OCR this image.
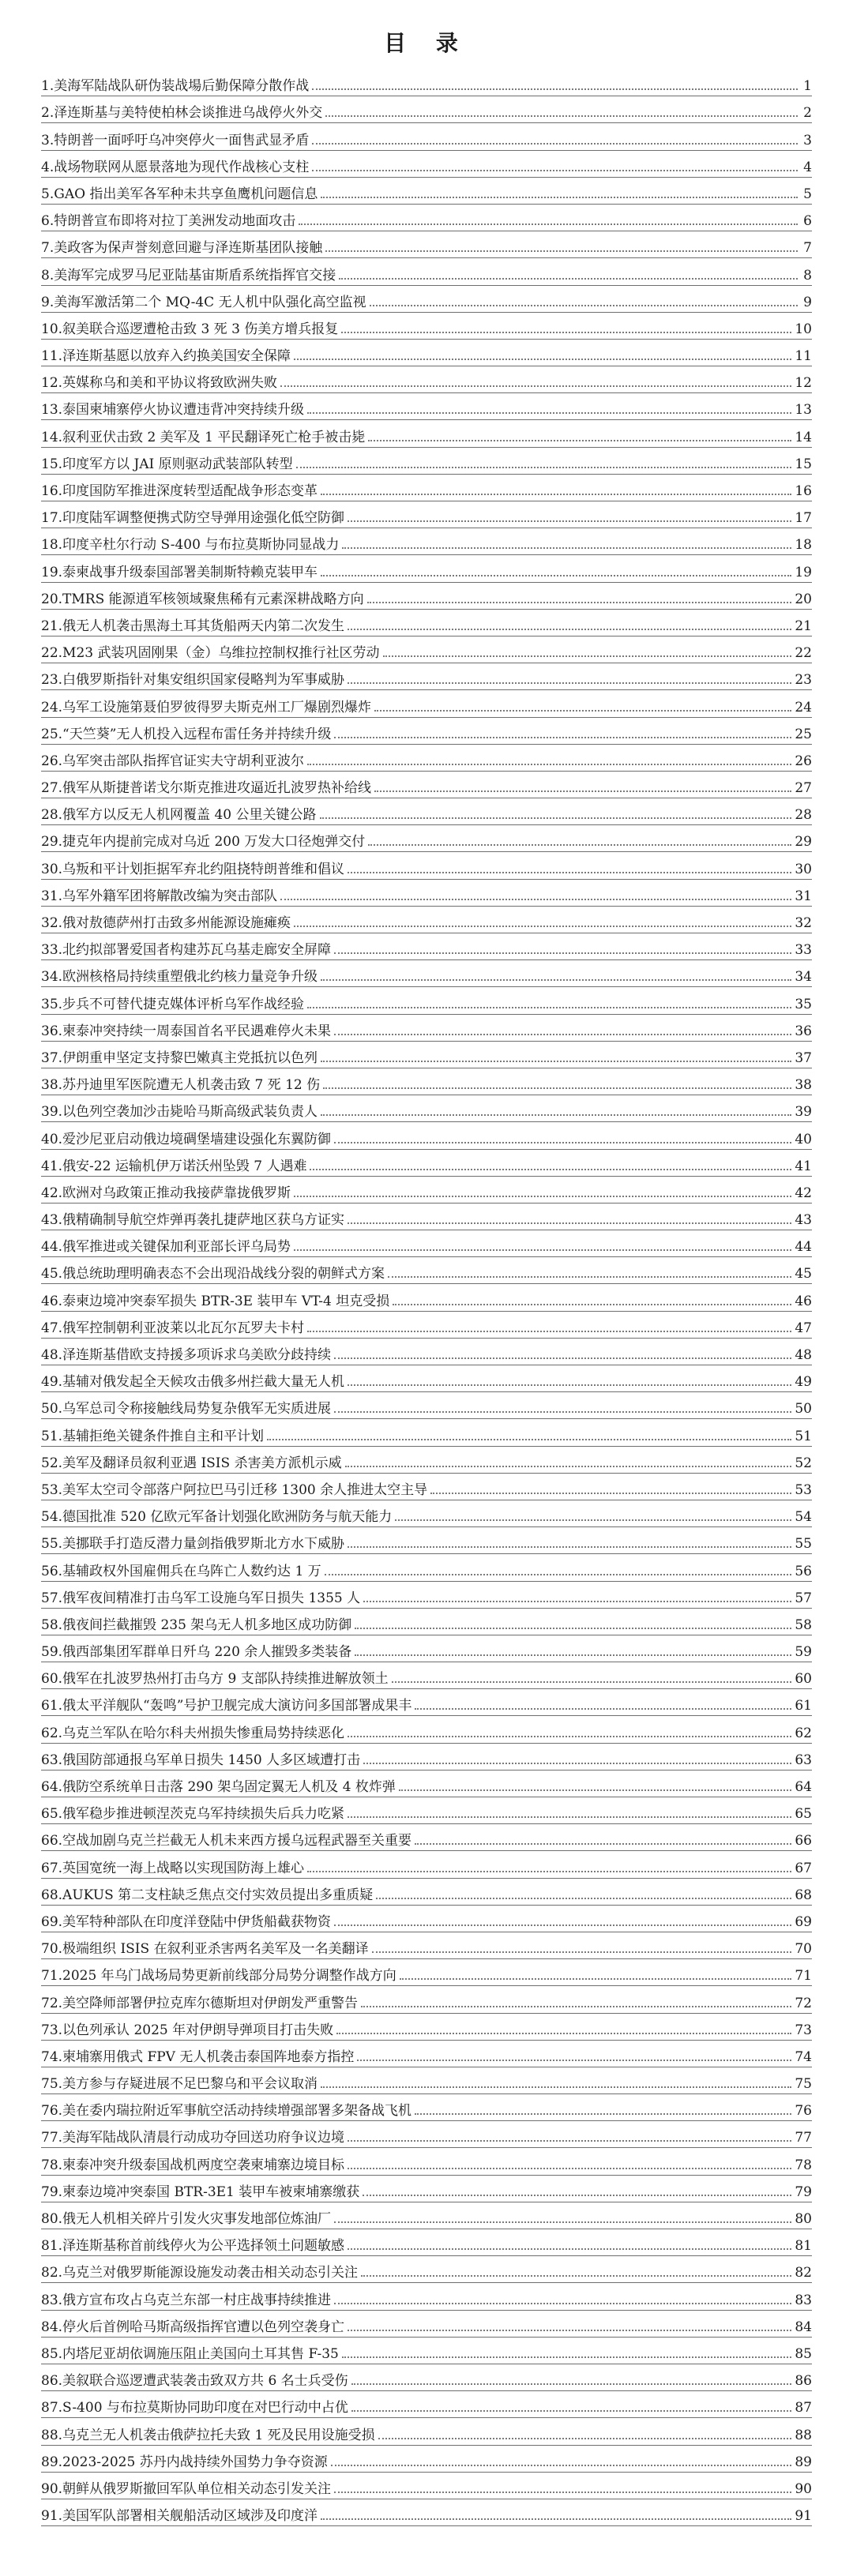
目 录
1. 美海军陆战队研伪装战場后勤保障分散作战	1
2. 泽连斯基与美特使柏林会谈推进乌战停火外交	2
3. 特朗普一面呼吁乌冲突停火一面售武显矛盾	3
4. 战场物联网从愿景落地为现代作战核心支柱	4
5. GAO 指出美军各军种未共享鱼鹰机问题信息	5
6. 特朗普宣布即将对拉丁美洲发动地面攻击	6
7. 美政客为保声誉刻意回避与泽连斯基团队接触	7
8. 美海军完成罗马尼亚陆基宙斯盾系统指挥官交接	8
9. 美海军激活第二个 MQ-4C 无人机中队强化高空监视	9
10. 叙美联合巡逻遭枪击致 3 死 3 伤美方增兵报复	10
11. 泽连斯基愿以放弃入约换美国安全保障	11
12. 英媒称乌和美和平协议将致欧洲失败	12
13. 泰国柬埔寨停火协议遭违背冲突持续升级	13
14. 叙利亚伏击致 2 美军及 1 平民翻译死亡枪手被击毙	14
15. 印度军方以 JAI 原则驱动武装部队转型	15
16. 印度国防军推进深度转型适配战争形态变革	16
17. 印度陆军调整便携式防空导弹用途强化低空防御	17
18. 印度辛杜尔行动 S-400 与布拉莫斯协同显战力	18
19. 泰柬战事升级泰国部署美制斯特赖克装甲车	19
20. TMRS 能源逍军核领域聚焦稀有元素深耕战略方向	20
21. 俄无人机袭击黑海土耳其货船两天内第二次发生	21
22. M23 武装巩固刚果（金）乌维拉控制权推行社区劳动	22
23. 白俄罗斯指针对集安组织国家侵略判为军事威胁	23
24. 乌军工设施第聂伯罗彼得罗夫斯克州工厂爆剧烈爆炸	24
25. “天竺葵”无人机投入远程布雷任务并持续升级	25
26. 乌军突击部队指挥官证实夫守胡利亚波尔	26
27. 俄军从斯捷普诺戈尔斯克推进攻逼近扎波罗热补给线	27
28. 俄军方以反无人机网覆盖 40 公里关键公路	28
29. 捷克年内提前完成对乌近 200 万发大口径炮弹交付	29
30. 乌叛和平计划拒据军弃北约阻挠特朗普维和倡议	30
31. 乌军外籍军团将解散改编为突击部队	31
32. 俄对敖德萨州打击致多州能源设施瘫痪	32
33. 北约拟部署爱国者构建苏瓦乌基走廊安全屏障	33
34. 欧洲核格局持续重塑俄北约核力量竞争升级	34
35. 步兵不可替代捷克媒体评析乌军作战经验	35
36. 柬泰冲突持续一周泰国首名平民遇难停火未果	36
37. 伊朗重申坚定支持黎巴嫩真主党抵抗以色列	37
38. 苏丹迪里军医院遭无人机袭击致 7 死 12 伤	38
39. 以色列空袭加沙击毙哈马斯高级武装负责人	39
40. 爱沙尼亚启动俄边境碉堡墙建设强化东翼防御	40
41. 俄安-22 运输机伊万诺沃州坠毁 7 人遇难	41
42. 欧洲对乌政策正推动我接萨靠拢俄罗斯	42
43. 俄精确制导航空炸弹再袭扎捷萨地区获乌方证实	43
44. 俄军推进或关键保加利亚部长评乌局势	44
45. 俄总统助理明确表态不会出现沿战线分裂的朝鲜式方案	45
46. 泰柬边境冲突泰军损失 BTR-3E 装甲车 VT-4 坦克受损	46
47. 俄军控制朝利亚波莱以北瓦尔瓦罗夫卡村	47
48. 泽连斯基借欧支持援多项诉求乌美欧分歧持续	48
49. 基辅对俄发起全天候攻击俄多州拦截大量无人机	49
50. 乌军总司令称接触线局势复杂俄军无实质进展	50
51. 基辅拒绝关键条件推自主和平计划	51
52. 美军及翻译员叙利亚遇 ISIS 杀害美方派机示威	52
53. 美军太空司令部落户阿拉巴马引迁移 1300 余人推进太空主导	53
54. 德国批准 520 亿欧元军备计划强化欧洲防务与航天能力	54
55. 美挪联手打造反潜力量剑指俄罗斯北方水下威胁	55
56. 基辅政权外国雇佣兵在乌阵亡人数约达 1 万	56
57. 俄军夜间精准打击乌军工设施乌军日损失 1355 人	57
58. 俄夜间拦截摧毁 235 架乌无人机多地区成功防御	58
59. 俄西部集团军群单日歼乌 220 余人摧毁多类装备	59
60. 俄军在扎波罗热州打击乌方 9 支部队持续推进解放领土	60
61. 俄太平洋舰队“轰鸣”号护卫舰完成大演访问多国部署成果丰	61
62. 乌克兰军队在哈尔科夫州损失惨重局势持续恶化	62
63. 俄国防部通报乌军单日损失 1450 人多区域遭打击	63
64. 俄防空系统单日击落 290 架乌固定翼无人机及 4 枚炸弹	64
65. 俄军稳步推进顿涅茨克乌军持续损失后兵力吃紧	65
66. 空战加剧乌克兰拦截无人机未来西方援乌远程武器至关重要	66
67. 英国宽统一海上战略以实现国防海上雄心	67
68. AUKUS 第二支柱缺乏焦点交付实效员提出多重质疑	68
69. 美军特种部队在印度洋登陆中伊货船截获物资	69
70. 极端组织 ISIS 在叙利亚杀害两名美军及一名美翻译	70
71. 2025 年乌门战场局势更新前线部分局势分调整作战方向	71
72. 美空降师部署伊拉克库尔德斯坦对伊朗发严重警告	72
73. 以色列承认 2025 年对伊朗导弹项目打击失败	73
74. 柬埔寨用俄式 FPV 无人机袭击泰国阵地泰方指控	74
75. 美方参与存疑进展不足巴黎乌和平会议取消	75
76. 美在委内瑞拉附近军事航空活动持续增强部署多架备战飞机	76
77. 美海军陆战队清晨行动成功夺回送功府争议边境	77
78. 柬泰冲突升级泰国战机两度空袭柬埔寨边境目标	78
79. 柬泰边境冲突泰国 BTR-3E1 装甲车被柬埔寨缴获	79
80. 俄无人机相关碎片引发火灾事发地部位炼油厂	80
81. 泽连斯基称首前线停火为公平选择领土问题敏感	81
82. 乌克兰对俄罗斯能源设施发动袭击相关动态引关注	82
83. 俄方宣布攻占乌克兰东部一村庄战事持续推进	83
84. 停火后首例哈马斯高级指挥官遭以色列空袭身亡	84
85. 内塔尼亚胡依调施压阻止美国向土耳其售 F-35	85
86. 美叙联合巡逻遭武装袭击致双方共 6 名士兵受伤	86
87. S-400 与布拉莫斯协同助印度在对巴行动中占优	87
88. 乌克兰无人机袭击俄萨拉托夫致 1 死及民用设施受损	88
89. 2023-2025 苏丹内战持续外国势力争夺资源	89
90. 朝鲜从俄罗斯撤回军队单位相关动态引发关注	90
91. 美国军队部署相关舰船活动区域涉及印度洋	91
